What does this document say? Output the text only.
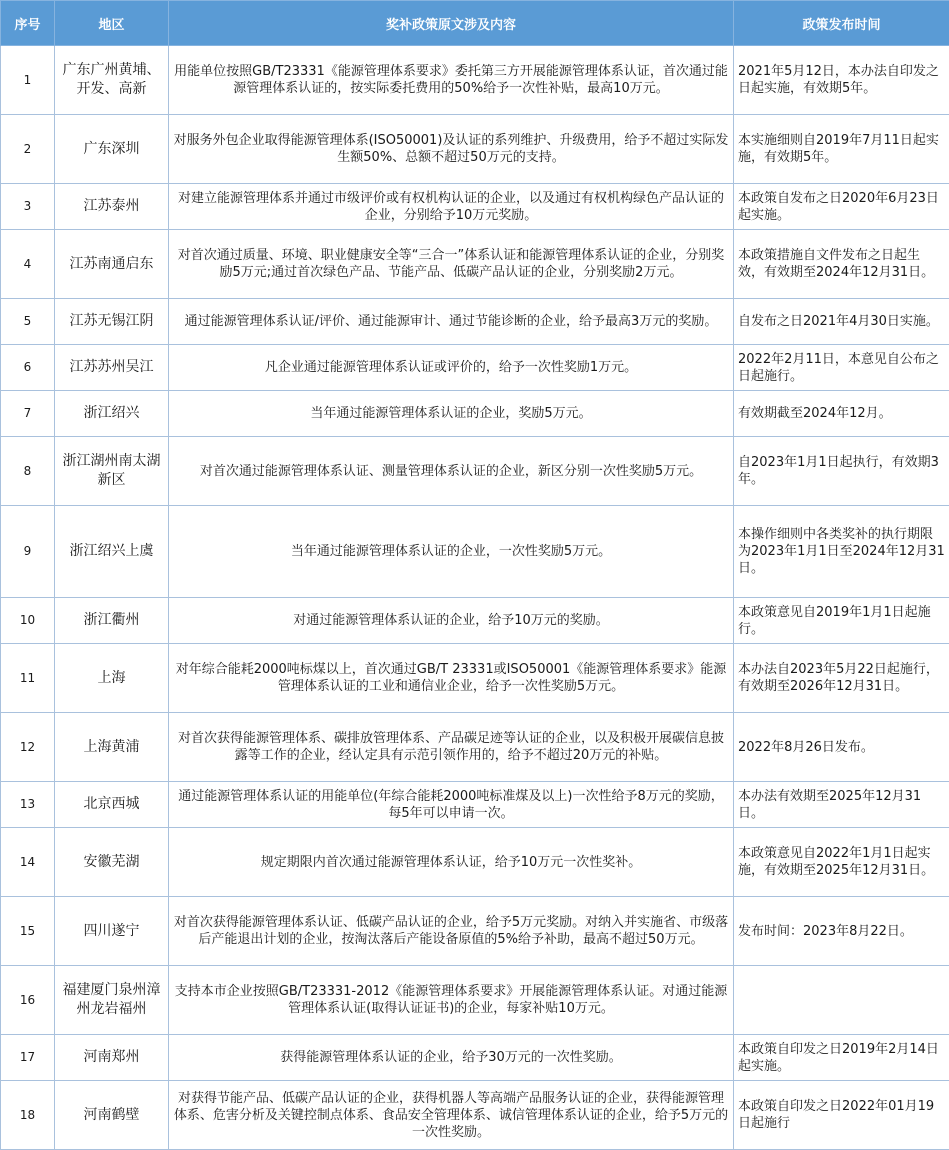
序号	地区	奖补政策原文涉及内容	政策发布时间
1	广东广州黄埔、开发、高新	用能单位按照GB/T23331《能源管理体系要求》委托第三方开展能源管理体系认证，首次通过能源管理体系认证的，按实际委托费用的50%给予一次性补贴，最高10万元。	2021年5月12日，本办法自印发之日起实施，有效期5年。
2	广东深圳	对服务外包企业取得能源管理体系(ISO50001)及认证的系列维护、升级费用，给予不超过实际发生额50%、总额不超过50万元的支持。	本实施细则自2019年7月11日起实施，有效期5年。
3	江苏泰州	对建立能源管理体系并通过市级评价或有权机构认证的企业，以及通过有权机构绿色产品认证的企业，分别给予10万元奖励。	本政策自发布之日2020年6月23日起实施。
4	江苏南通启东	对首次通过质量、环境、职业健康安全等“三合一”体系认证和能源管理体系认证的企业，分别奖励5万元;通过首次绿色产品、节能产品、低碳产品认证的企业，分别奖励2万元。	本政策措施自文件发布之日起生效，有效期至2024年12月31日。
5	江苏无锡江阴	通过能源管理体系认证/评价、通过能源审计、通过节能诊断的企业，给予最高3万元的奖励。	自发布之日2021年4月30日实施。
6	江苏苏州吴江	凡企业通过能源管理体系认证或评价的，给予一次性奖励1万元。	2022年2月11日，本意见自公布之日起施行。
7	浙江绍兴	当年通过能源管理体系认证的企业，奖励5万元。	有效期截至2024年12月。
8	浙江湖州南太湖新区	对首次通过能源管理体系认证、测量管理体系认证的企业，新区分别一次性奖励5万元。	自2023年1月1日起执行，有效期3年。
9	浙江绍兴上虞	当年通过能源管理体系认证的企业，一次性奖励5万元。	本操作细则中各类奖补的执行期限为2023年1月1日至2024年12月31日。
10	浙江衢州	对通过能源管理体系认证的企业，给予10万元的奖励。	本政策意见自2019年1月1日起施行。
11	上海	对年综合能耗2000吨标煤以上，首次通过GB/T 23331或ISO50001《能源管理体系要求》能源管理体系认证的工业和通信业企业，给予一次性奖励5万元。	本办法自2023年5月22日起施行，有效期至2026年12月31日。
12	上海黄浦	对首次获得能源管理体系、碳排放管理体系、产品碳足迹等认证的企业，以及积极开展碳信息披露等工作的企业，经认定具有示范引领作用的，给予不超过20万元的补贴。	2022年8月26日发布。
13	北京西城	通过能源管理体系认证的用能单位(年综合能耗2000吨标准煤及以上)一次性给予8万元的奖励，每5年可以申请一次。	本办法有效期至2025年12月31日。
14	安徽芜湖	规定期限内首次通过能源管理体系认证，给予10万元一次性奖补。	本政策意见自2022年1月1日起实施，有效期至2025年12月31日。
15	四川遂宁	对首次获得能源管理体系认证、低碳产品认证的企业，给予5万元奖励。对纳入并实施省、市级落后产能退出计划的企业，按淘汰落后产能设备原值的5%给予补助，最高不超过50万元。	发布时间：2023年8月22日。
16	福建厦门泉州漳州龙岩福州	支持本市企业按照GB/T23331-2012《能源管理体系要求》开展能源管理体系认证。对通过能源管理体系认证(取得认证证书)的企业，每家补贴10万元。	
17	河南郑州	获得能源管理体系认证的企业，给予30万元的一次性奖励。	本政策自印发之日2019年2月14日起实施。
18	河南鹤壁	对获得节能产品、低碳产品认证的企业，获得机器人等高端产品服务认证的企业，获得能源管理体系、危害分析及关键控制点体系、食品安全管理体系、诚信管理体系认证的企业，给予5万元的一次性奖励。	本政策自印发之日2022年01月19日起施行
